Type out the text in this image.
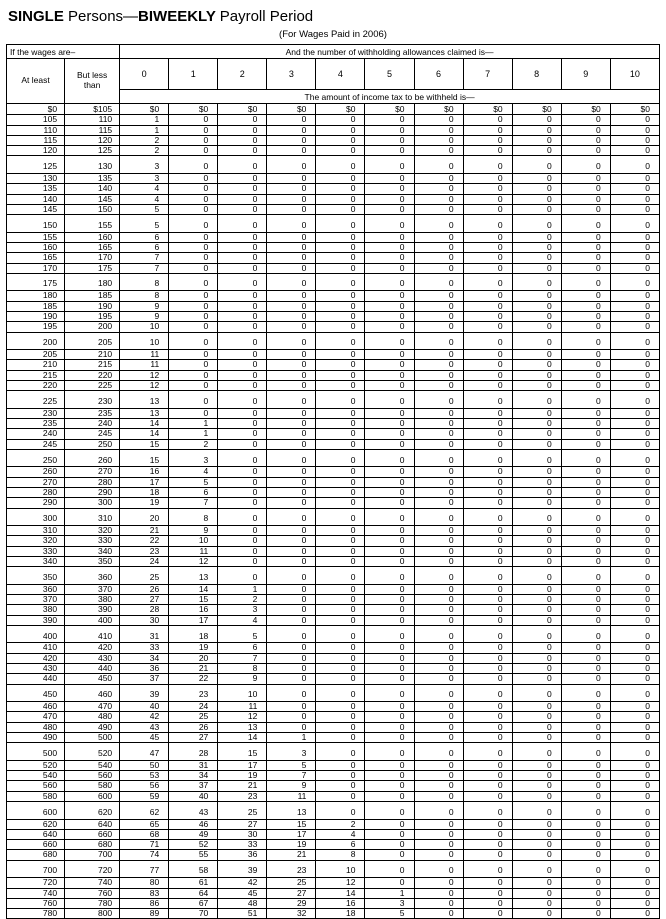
SINGLE Persons—BIWEEKLY Payroll Period
(For Wages Paid in 2006)
If the wages are–		And the number of withholding allowances claimed is—										
At least	But less
than	0	1	2	3	4	5	6	7	8	9	10
		The amount of income tax to be withheld is—										
$0	$105	$0	$0	$0	$0	$0	$0	$0	$0	$0	$0	$0
105	110	1	0	0	0	0	0	0	0	0	0	0
110	115	1	0	0	0	0	0	0	0	0	0	0
115	120	2	0	0	0	0	0	0	0	0	0	0
120	125	2	0	0	0	0	0	0	0	0	0	0
125	130	3	0	0	0	0	0	0	0	0	0	0
130	135	3	0	0	0	0	0	0	0	0	0	0
135	140	4	0	0	0	0	0	0	0	0	0	0
140	145	4	0	0	0	0	0	0	0	0	0	0
145	150	5	0	0	0	0	0	0	0	0	0	0
150	155	5	0	0	0	0	0	0	0	0	0	0
155	160	6	0	0	0	0	0	0	0	0	0	0
160	165	6	0	0	0	0	0	0	0	0	0	0
165	170	7	0	0	0	0	0	0	0	0	0	0
170	175	7	0	0	0	0	0	0	0	0	0	0
175	180	8	0	0	0	0	0	0	0	0	0	0
180	185	8	0	0	0	0	0	0	0	0	0	0
185	190	9	0	0	0	0	0	0	0	0	0	0
190	195	9	0	0	0	0	0	0	0	0	0	0
195	200	10	0	0	0	0	0	0	0	0	0	0
200	205	10	0	0	0	0	0	0	0	0	0	0
205	210	11	0	0	0	0	0	0	0	0	0	0
210	215	11	0	0	0	0	0	0	0	0	0	0
215	220	12	0	0	0	0	0	0	0	0	0	0
220	225	12	0	0	0	0	0	0	0	0	0	0
225	230	13	0	0	0	0	0	0	0	0	0	0
230	235	13	0	0	0	0	0	0	0	0	0	0
235	240	14	1	0	0	0	0	0	0	0	0	0
240	245	14	1	0	0	0	0	0	0	0	0	0
245	250	15	2	0	0	0	0	0	0	0	0	0
250	260	15	3	0	0	0	0	0	0	0	0	0
260	270	16	4	0	0	0	0	0	0	0	0	0
270	280	17	5	0	0	0	0	0	0	0	0	0
280	290	18	6	0	0	0	0	0	0	0	0	0
290	300	19	7	0	0	0	0	0	0	0	0	0
300	310	20	8	0	0	0	0	0	0	0	0	0
310	320	21	9	0	0	0	0	0	0	0	0	0
320	330	22	10	0	0	0	0	0	0	0	0	0
330	340	23	11	0	0	0	0	0	0	0	0	0
340	350	24	12	0	0	0	0	0	0	0	0	0
350	360	25	13	0	0	0	0	0	0	0	0	0
360	370	26	14	1	0	0	0	0	0	0	0	0
370	380	27	15	2	0	0	0	0	0	0	0	0
380	390	28	16	3	0	0	0	0	0	0	0	0
390	400	30	17	4	0	0	0	0	0	0	0	0
400	410	31	18	5	0	0	0	0	0	0	0	0
410	420	33	19	6	0	0	0	0	0	0	0	0
420	430	34	20	7	0	0	0	0	0	0	0	0
430	440	36	21	8	0	0	0	0	0	0	0	0
440	450	37	22	9	0	0	0	0	0	0	0	0
450	460	39	23	10	0	0	0	0	0	0	0	0
460	470	40	24	11	0	0	0	0	0	0	0	0
470	480	42	25	12	0	0	0	0	0	0	0	0
480	490	43	26	13	0	0	0	0	0	0	0	0
490	500	45	27	14	1	0	0	0	0	0	0	0
500	520	47	28	15	3	0	0	0	0	0	0	0
520	540	50	31	17	5	0	0	0	0	0	0	0
540	560	53	34	19	7	0	0	0	0	0	0	0
560	580	56	37	21	9	0	0	0	0	0	0	0
580	600	59	40	23	11	0	0	0	0	0	0	0
600	620	62	43	25	13	0	0	0	0	0	0	0
620	640	65	46	27	15	2	0	0	0	0	0	0
640	660	68	49	30	17	4	0	0	0	0	0	0
660	680	71	52	33	19	6	0	0	0	0	0	0
680	700	74	55	36	21	8	0	0	0	0	0	0
700	720	77	58	39	23	10	0	0	0	0	0	0
720	740	80	61	42	25	12	0	0	0	0	0	0
740	760	83	64	45	27	14	1	0	0	0	0	0
760	780	86	67	48	29	16	3	0	0	0	0	0
780	800	89	70	51	32	18	5	0	0	0	0	0
